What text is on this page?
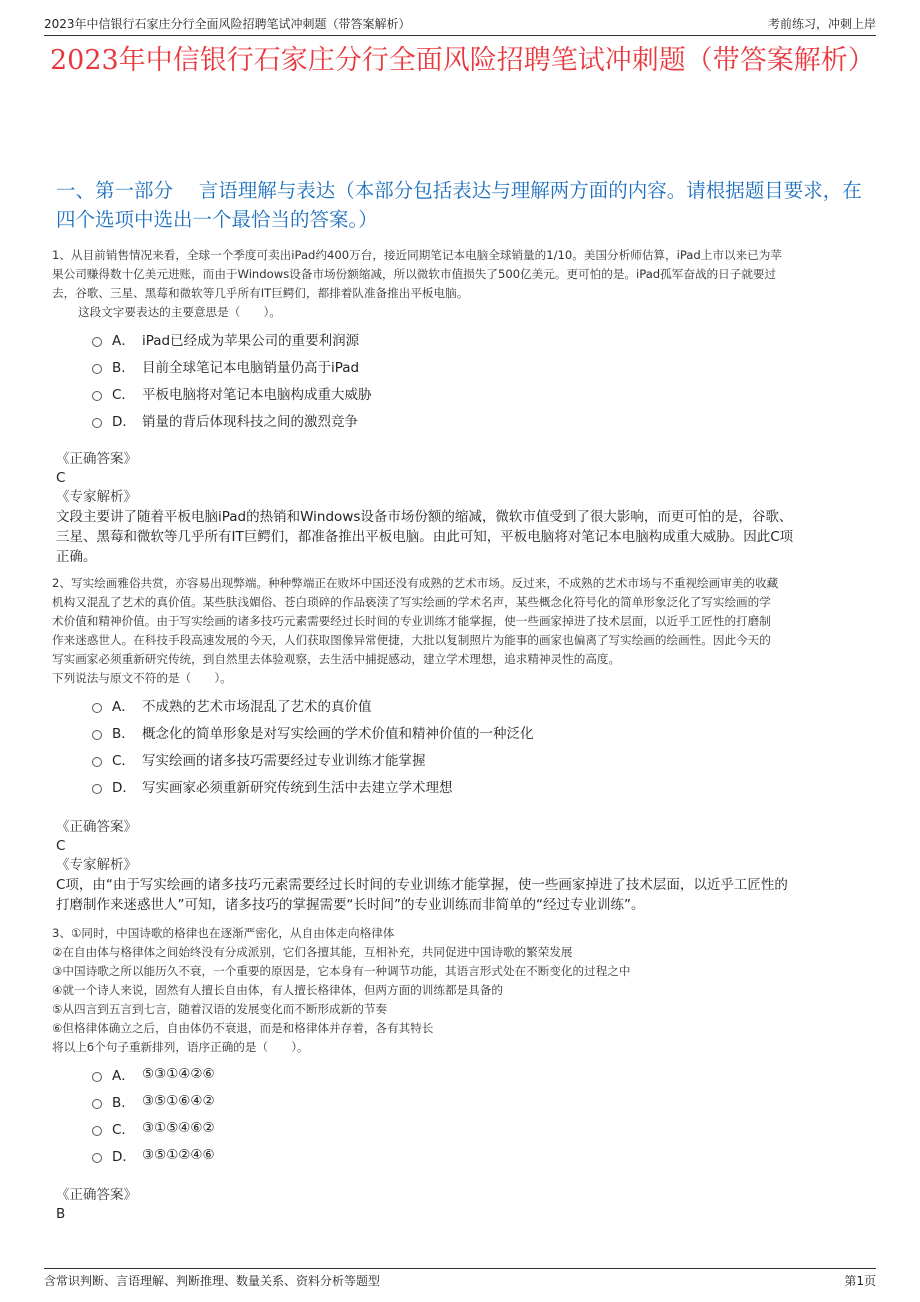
2023年中信银行石家庄分行全面风险招聘笔试冲刺题（带答案解析）	考前练习，冲刺上岸
2023年中信银行石家庄分行全面风险招聘笔试冲刺题（带答案解析）
一、第一部分　 言语理解与表达（本部分包括表达与理解两方面的内容。请根据题目要求，在四个选项中选出一个最恰当的答案。）

1、从目前销售情况来看，全球一个季度可卖出iPad约400万台，接近同期笔记本电脑全球销量的1/10。美国分析师估算，iPad上市以来已为苹

果公司赚得数十亿美元进账，而由于Windows设备市场份额缩减，所以微软市值损失了500亿美元。更可怕的是。iPad孤军奋战的日子就要过

去，谷歌、三星、黑莓和微软等几乎所有IT巨鳄们，都排着队准备推出平板电脑。

这段文字要表达的主要意思是（　　）。

A． iPad已经成为苹果公司的重要利润源
B． 目前全球笔记本电脑销量仍高于iPad
C． 平板电脑将对笔记本电脑构成重大威胁
D． 销量的背后体现科技之间的激烈竞争

《正确答案》

C

《专家解析》

文段主要讲了随着平板电脑iPad的热销和Windows设备市场份额的缩减，微软市值受到了很大影响，而更可怕的是，谷歌、

三星、黑莓和微软等几乎所有IT巨鳄们，都准备推出平板电脑。由此可知，平板电脑将对笔记本电脑构成重大威胁。因此C项

正确。

2、写实绘画雅俗共赏，亦容易出现弊端。种种弊端正在败坏中国还没有成熟的艺术市场。反过来，不成熟的艺术市场与不重视绘画审美的收藏

机构又混乱了艺术的真价值。某些肤浅媚俗、苍白琐碎的作品亵渎了写实绘画的学术名声，某些概念化符号化的简单形象泛化了写实绘画的学

术价值和精神价值。由于写实绘画的诸多技巧元素需要经过长时间的专业训练才能掌握，使一些画家掉进了技术层面，以近乎工匠性的打磨制

作来迷惑世人。在科技手段高速发展的今天，人们获取图像异常便捷，大批以复制照片为能事的画家也偏离了写实绘画的绘画性。因此今天的

写实画家必须重新研究传统，到自然里去体验观察，去生活中捕捉感动，建立学术理想，追求精神灵性的高度。

下列说法与原文不符的是（　　）。

A． 不成熟的艺术市场混乱了艺术的真价值
B． 概念化的简单形象是对写实绘画的学术价值和精神价值的一种泛化
C． 写实绘画的诸多技巧需要经过专业训练才能掌握
D． 写实画家必须重新研究传统到生活中去建立学术理想

《正确答案》

C

《专家解析》

C项，由“由于写实绘画的诸多技巧元素需要经过长时间的专业训练才能掌握，使一些画家掉进了技术层面，以近乎工匠性的

打磨制作来迷惑世人”可知，诸多技巧的掌握需要“长时间”的专业训练而非简单的“经过专业训练”。

3、①同时，中国诗歌的格律也在逐渐严密化，从自由体走向格律体

②在自由体与格律体之间始终没有分成派别，它们各擅其能，互相补充，共同促进中国诗歌的繁荣发展

③中国诗歌之所以能历久不衰，一个重要的原因是，它本身有一种调节功能，其语言形式处在不断变化的过程之中

④就一个诗人来说，固然有人擅长自由体，有人擅长格律体，但两方面的训练都是具备的

⑤从四言到五言到七言，随着汉语的发展变化而不断形成新的节奏

⑥但格律体确立之后，自由体仍不衰退，而是和格律体并存着，各有其特长

将以上6个句子重新排列，语序正确的是（　　）。

A． ⑤③①④②⑥
B． ③⑤①⑥④②
C． ③①⑤④⑥②
D． ③⑤①②④⑥

《正确答案》

B

含常识判断、言语理解、判断推理、数量关系、资料分析等题型	第1页
